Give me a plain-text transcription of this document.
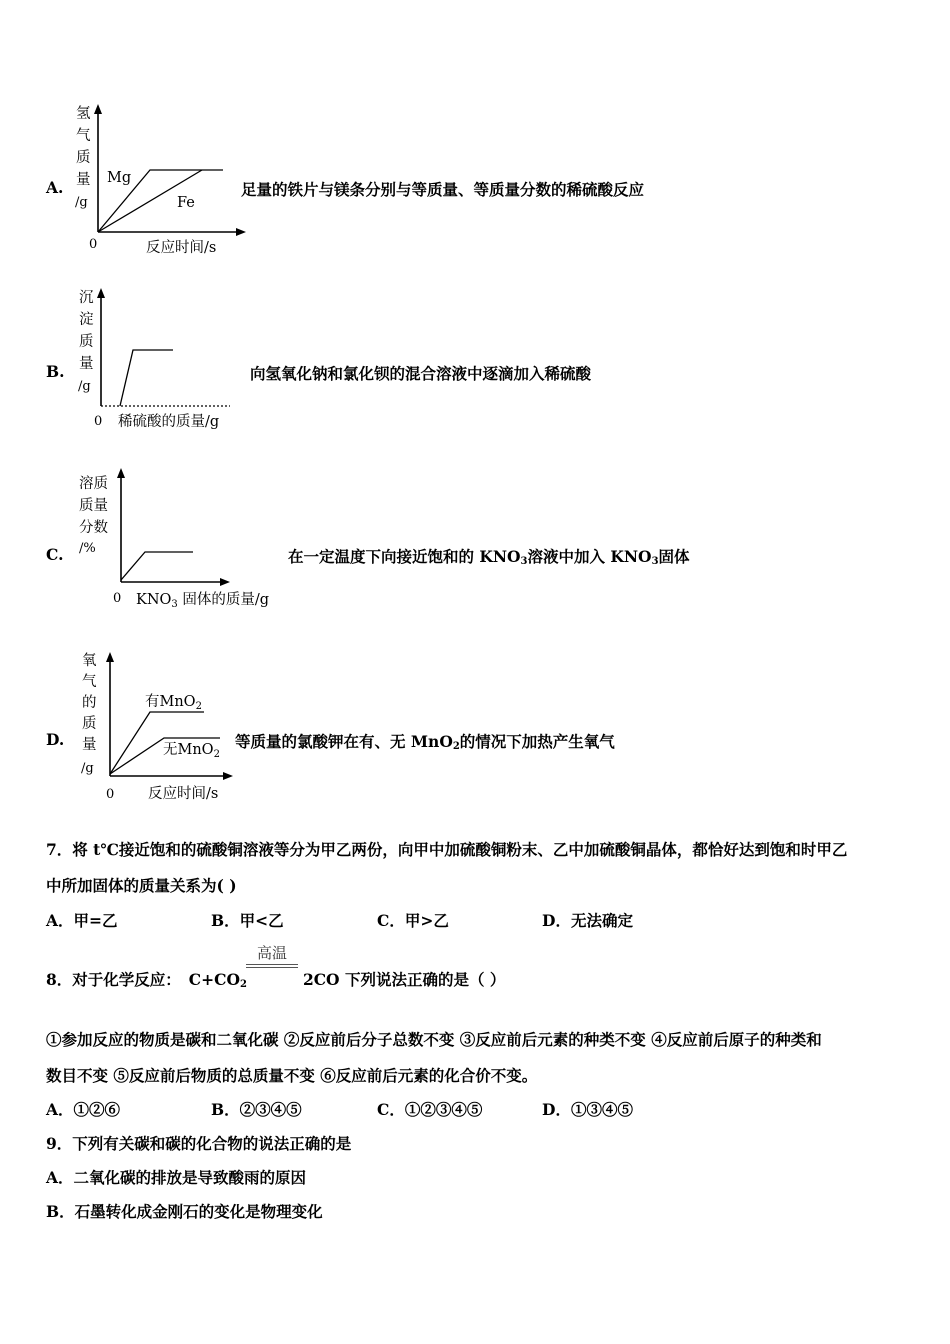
A.
氢
气
质
量
/g
Mg
Fe
0	反应时间/s
足量的铁片与镁条分别与等质量、等质量分数的稀硫酸反应
B.
沉
淀
质
量
/g
0 稀硫酸的质量/g
向氢氧化钠和氯化钡的混合溶液中逐滴加入稀硫酸
C.
溶质
质量
分数
/%
0 $KNO_3$ 固体的质量/g
在一定温度下向接近饱和的 $KNO_3$溶液中加入 $KNO_3$固体
D.
氧
气
的
质
量
/g
有MnO$_2$
无MnO$_2$
0 反应时间/s
等质量的氯酸钾在有、无 MnO$_2$的情况下加热产生氧气
7．将 t℃接近饱和的硫酸铜溶液等分为甲乙两份，向甲中加硫酸铜粉末、乙中加硫酸铜晶体，都恰好达到饱和时甲乙
中所加固体的质量关系为( )
A．甲=乙	B．甲<乙	C．甲>乙	D．无法确定
8．对于化学反应： $C+CO_2$	2CO 下列说法正确的是（ ）
高温
①参加反应的物质是碳和二氧化碳 ②反应前后分子总数不变 ③反应前后元素的种类不变 ④反应前后原子的种类和
数目不变 ⑤反应前后物质的总质量不变 ⑥反应前后元素的化合价不变。
A．①②⑥	B．②③④⑤	C．①②③④⑤	D．①③④⑤
9．下列有关碳和碳的化合物的说法正确的是
A．二氧化碳的排放是导致酸雨的原因
B．石墨转化成金刚石的变化是物理变化
